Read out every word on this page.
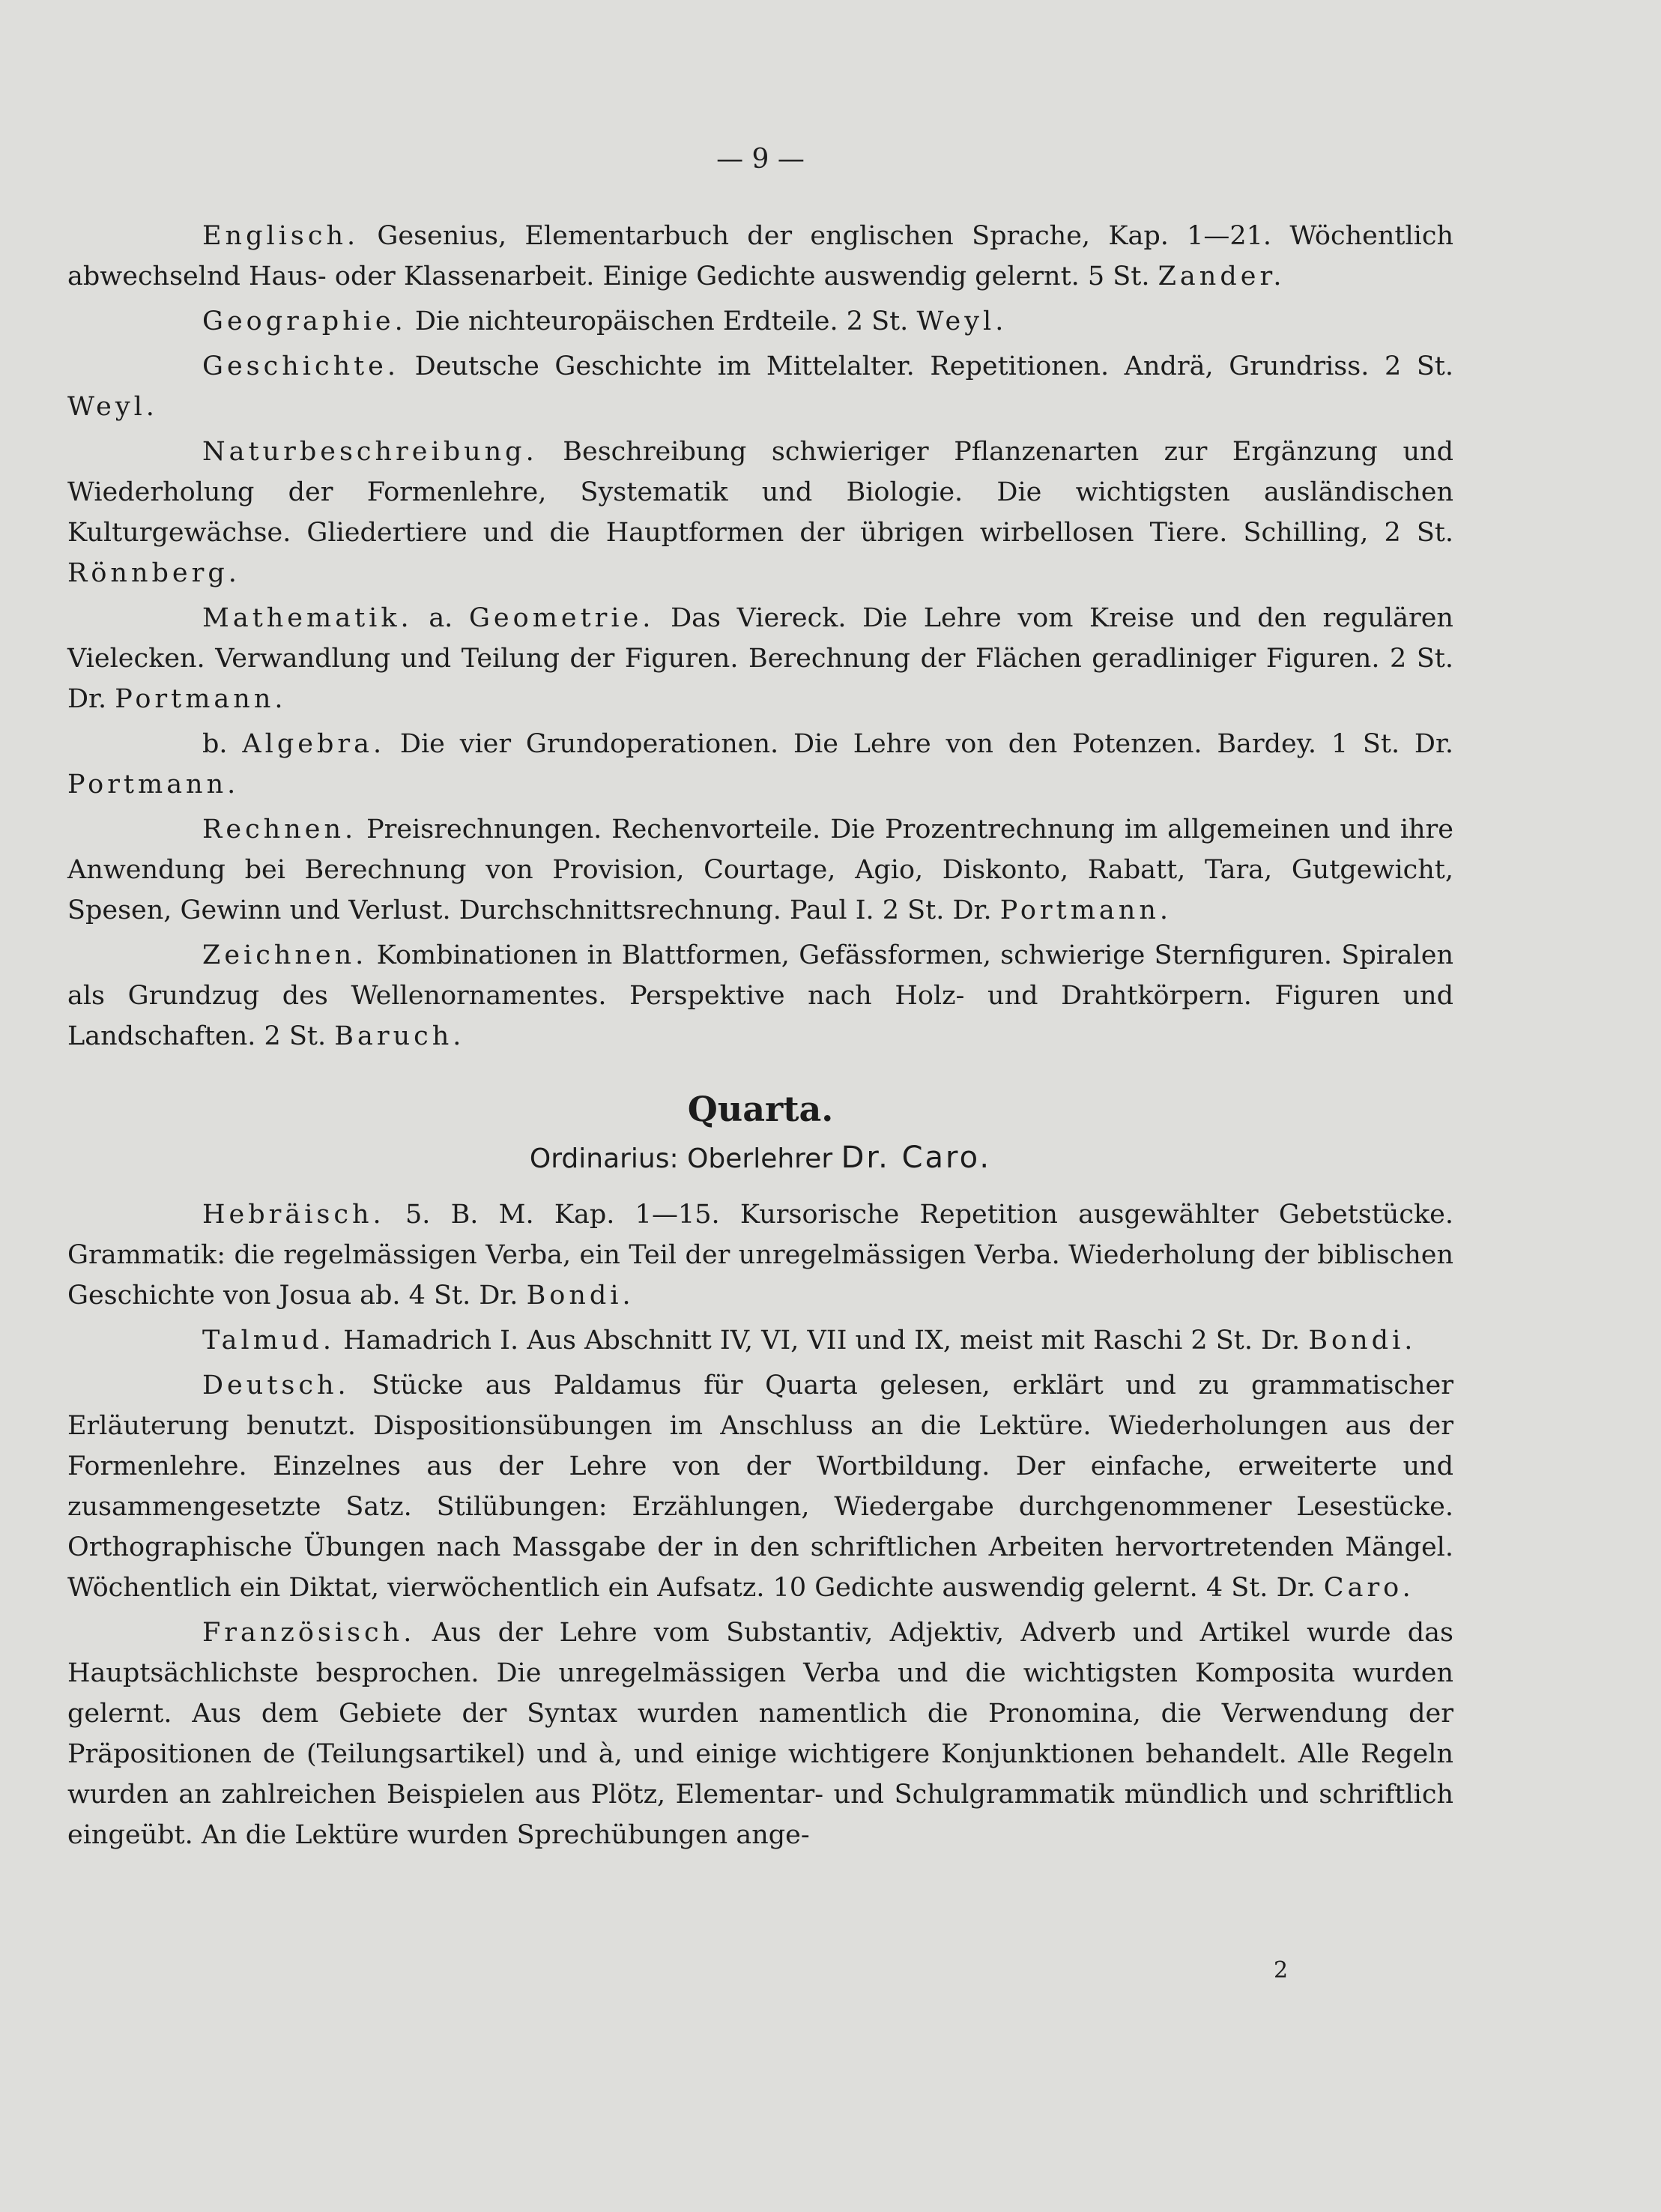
— 9 —

Englisch. Gesenius, Elementarbuch der englischen Sprache, Kap. 1—21. Wöchentlich abwechselnd Haus- oder Klassenarbeit. Einige Gedichte auswendig gelernt. 5 St. Zander.

Geographie. Die nichteuropäischen Erdteile. 2 St. Weyl.

Geschichte. Deutsche Geschichte im Mittelalter. Repetitionen. Andrä, Grundriss. 2 St. Weyl.

Naturbeschreibung. Beschreibung schwieriger Pflanzenarten zur Ergänzung und Wiederholung der Formenlehre, Systematik und Biologie. Die wichtigsten ausländischen Kulturgewächse. Gliedertiere und die Hauptformen der übrigen wirbellosen Tiere. Schilling, 2 St. Rönnberg.

Mathematik. a. Geometrie. Das Viereck. Die Lehre vom Kreise und den regulären Vielecken. Verwandlung und Teilung der Figuren. Berechnung der Flächen geradliniger Figuren. 2 St. Dr. Portmann.

b. Algebra. Die vier Grundoperationen. Die Lehre von den Potenzen. Bardey. 1 St. Dr. Portmann.

Rechnen. Preisrechnungen. Rechenvorteile. Die Prozentrechnung im allgemeinen und ihre Anwendung bei Berechnung von Provision, Courtage, Agio, Diskonto, Rabatt, Tara, Gutgewicht, Spesen, Gewinn und Verlust. Durchschnittsrechnung. Paul I. 2 St. Dr. Portmann.

Zeichnen. Kombinationen in Blattformen, Gefässformen, schwierige Sternfiguren. Spiralen als Grundzug des Wellenornamentes. Perspektive nach Holz- und Drahtkörpern. Figuren und Landschaften. 2 St. Baruch.

Quarta.
Ordinarius: Oberlehrer Dr. Caro.

Hebräisch. 5. B. M. Kap. 1—15. Kursorische Repetition ausgewählter Gebetstücke. Grammatik: die regelmässigen Verba, ein Teil der unregelmässigen Verba. Wiederholung der biblischen Geschichte von Josua ab. 4 St. Dr. Bondi.

Talmud. Hamadrich I. Aus Abschnitt IV, VI, VII und IX, meist mit Raschi 2 St. Dr. Bondi.

Deutsch. Stücke aus Paldamus für Quarta gelesen, erklärt und zu grammatischer Erläuterung benutzt. Dispositionsübungen im Anschluss an die Lektüre. Wiederholungen aus der Formenlehre. Einzelnes aus der Lehre von der Wortbildung. Der einfache, erweiterte und zusammengesetzte Satz. Stilübungen: Erzählungen, Wiedergabe durchgenommener Lesestücke. Orthographische Übungen nach Massgabe der in den schriftlichen Arbeiten hervortretenden Mängel. Wöchentlich ein Diktat, vierwöchentlich ein Aufsatz. 10 Gedichte auswendig gelernt. 4 St. Dr. Caro.

Französisch. Aus der Lehre vom Substantiv, Adjektiv, Adverb und Artikel wurde das Hauptsächlichste besprochen. Die unregelmässigen Verba und die wichtigsten Komposita wurden gelernt. Aus dem Gebiete der Syntax wurden namentlich die Pronomina, die Verwendung der Präpositionen de (Teilungsartikel) und à, und einige wichtigere Konjunktionen behandelt. Alle Regeln wurden an zahlreichen Beispielen aus Plötz, Elementar- und Schulgrammatik mündlich und schriftlich eingeübt. An die Lektüre wurden Sprechübungen ange-

2
